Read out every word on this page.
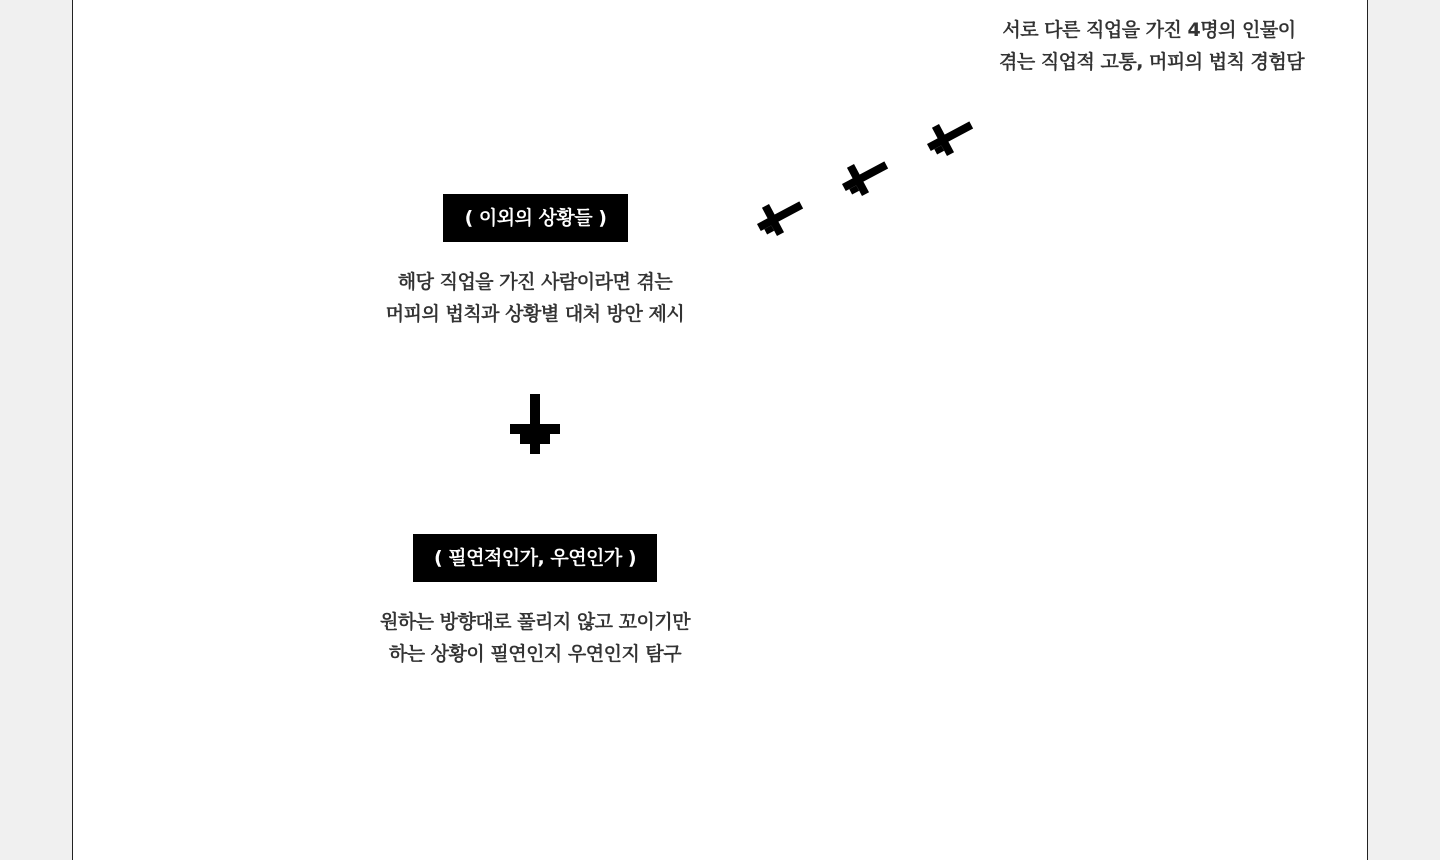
서로 다른 직업을 가진 4명의 인물이
겪는 직업적 고통, 머피의 법칙 경험담

( 이외의 상황들 )

해당 직업을 가진 사람이라면 겪는
머피의 법칙과 상황별 대처 방안 제시

( 필연적인가, 우연인가 )

원하는 방향대로 풀리지 않고 꼬이기만
하는 상황이 필연인지 우연인지 탐구
